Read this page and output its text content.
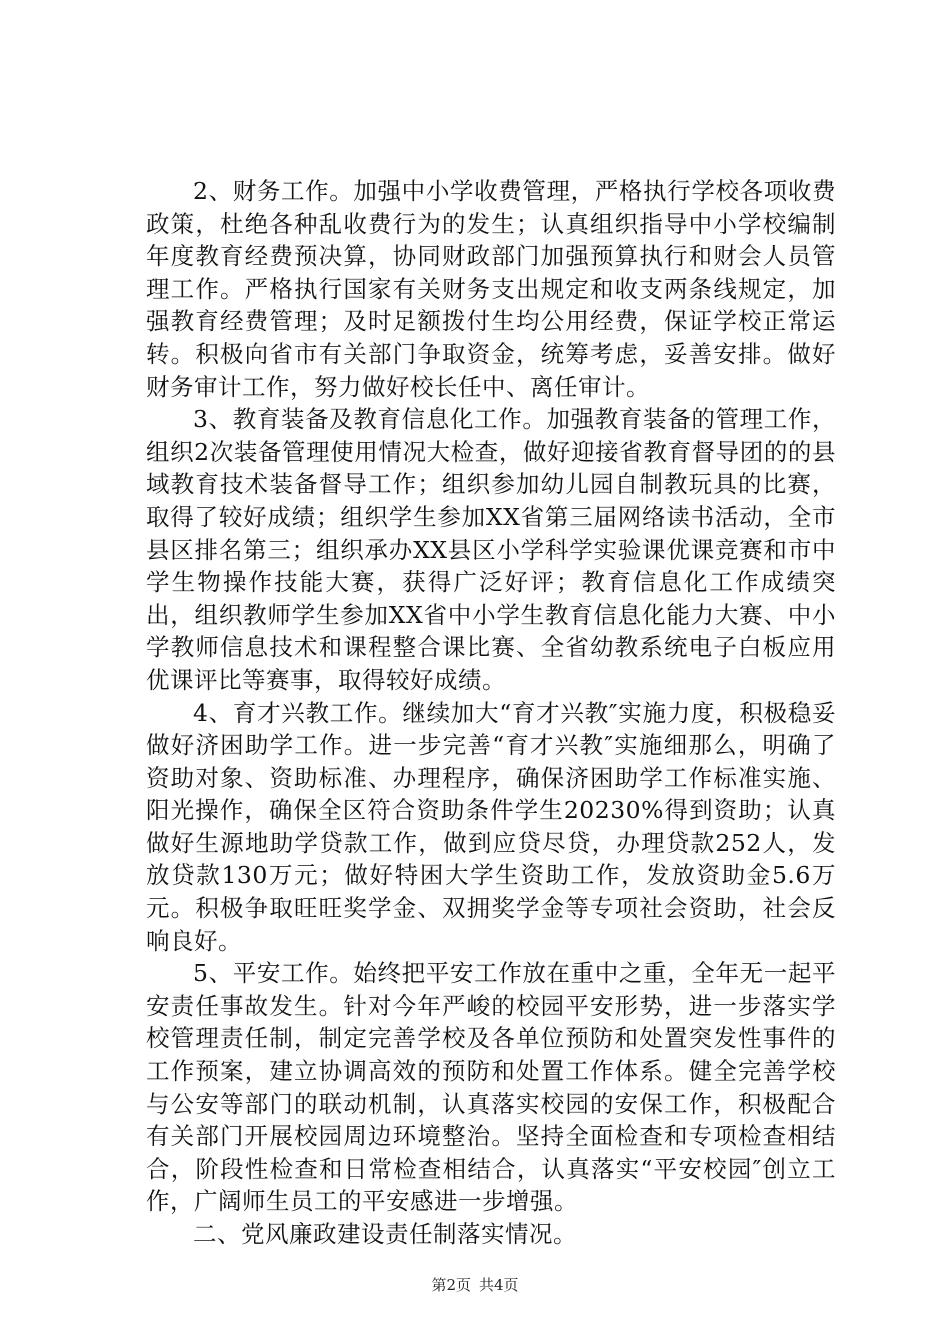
2、财务工作。加强中小学收费管理，严格执行学校各项收费政策，杜绝各种乱收费行为的发生；认真组织指导中小学校编制年度教育经费预决算，协同财政部门加强预算执行和财会人员管理工作。严格执行国家有关财务支出规定和收支两条线规定，加强教育经费管理；及时足额拨付生均公用经费，保证学校正常运转。积极向省市有关部门争取资金，统筹考虑，妥善安排。做好财务审计工作，努力做好校长任中、离任审计。

3、教育装备及教育信息化工作。加强教育装备的管理工作，组织2次装备管理使用情况大检查，做好迎接省教育督导团的的县域教育技术装备督导工作；组织参加幼儿园自制教玩具的比赛，取得了较好成绩；组织学生参加XX省第三届网络读书活动，全市县区排名第三；组织承办XX县区小学科学实验课优课竞赛和市中学生物操作技能大赛，获得广泛好评；教育信息化工作成绩突出，组织教师学生参加XX省中小学生教育信息化能力大赛、中小学教师信息技术和课程整合课比赛、全省幼教系统电子白板应用优课评比等赛事，取得较好成绩。

4、育才兴教工作。继续加大“育才兴教″实施力度，积极稳妥做好济困助学工作。进一步完善“育才兴教″实施细那么，明确了资助对象、资助标准、办理程序，确保济困助学工作标准实施、阳光操作，确保全区符合资助条件学生20230%得到资助；认真做好生源地助学贷款工作，做到应贷尽贷，办理贷款252人，发放贷款130万元；做好特困大学生资助工作，发放资助金5.6万元。积极争取旺旺奖学金、双拥奖学金等专项社会资助，社会反响良好。

5、平安工作。始终把平安工作放在重中之重，全年无一起平安责任事故发生。针对今年严峻的校园平安形势，进一步落实学校管理责任制，制定完善学校及各单位预防和处置突发性事件的工作预案，建立协调高效的预防和处置工作体系。健全完善学校与公安等部门的联动机制，认真落实校园的安保工作，积极配合有关部门开展校园周边环境整治。坚持全面检查和专项检查相结合，阶段性检查和日常检查相结合，认真落实“平安校园″创立工作，广阔师生员工的平安感进一步增强。

二、党风廉政建设责任制落实情况。

第2页 共4页
